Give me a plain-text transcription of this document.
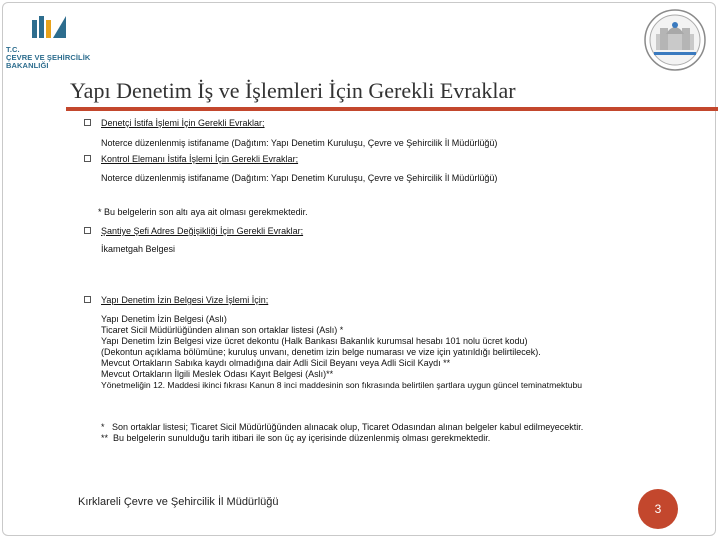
T.C.
ÇEVRE VE ŞEHİRCİLİK
BAKANLIĞI
Yapı Denetim İş ve İşlemleri İçin Gerekli Evraklar
Denetçi İstifa İşlemi İçin Gerekli Evraklar;
Noterce düzenlenmiş istifaname (Dağıtım: Yapı Denetim Kuruluşu, Çevre ve Şehircilik İl Müdürlüğü)
Kontrol Elemanı İstifa İşlemi İçin Gerekli Evraklar;
Noterce düzenlenmiş istifaname (Dağıtım: Yapı Denetim Kuruluşu, Çevre ve Şehircilik İl Müdürlüğü)
* Bu belgelerin son altı aya ait olması gerekmektedir.
Şantiye Şefi Adres Değişikliği İçin Gerekli Evraklar;
İkametgah Belgesi
Yapı Denetim İzin Belgesi Vize İşlemi İçin;
Yapı Denetim İzin Belgesi (Aslı)
Ticaret Sicil Müdürlüğünden alınan son ortaklar listesi (Aslı) *
Yapı Denetim İzin Belgesi vize ücret dekontu (Halk Bankası Bakanlık kurumsal hesabı 101 nolu ücret kodu)
(Dekontun açıklama bölümüne; kuruluş unvanı, denetim izin belge numarası ve vize için yatırıldığı belirtilecek).
Mevcut Ortakların Sabıka kaydı olmadığına dair Adli Sicil Beyanı veya Adli Sicil Kaydı **
Mevcut Ortakların İlgili Meslek Odası Kayıt Belgesi (Aslı)**
Yönetmeliğin 12. Maddesi ikinci fıkrası Kanun 8 inci maddesinin son fıkrasında belirtilen şartlara uygun güncel teminatmektubu
*   Son ortaklar listesi; Ticaret Sicil Müdürlüğünden alınacak olup, Ticaret Odasından alınan belgeler kabul edilmeyecektir.
**  Bu belgelerin sunulduğu tarih itibari ile son üç ay içerisinde düzenlenmiş olması gerekmektedir.
Kırklareli Çevre ve Şehircilik İl Müdürlüğü	3
